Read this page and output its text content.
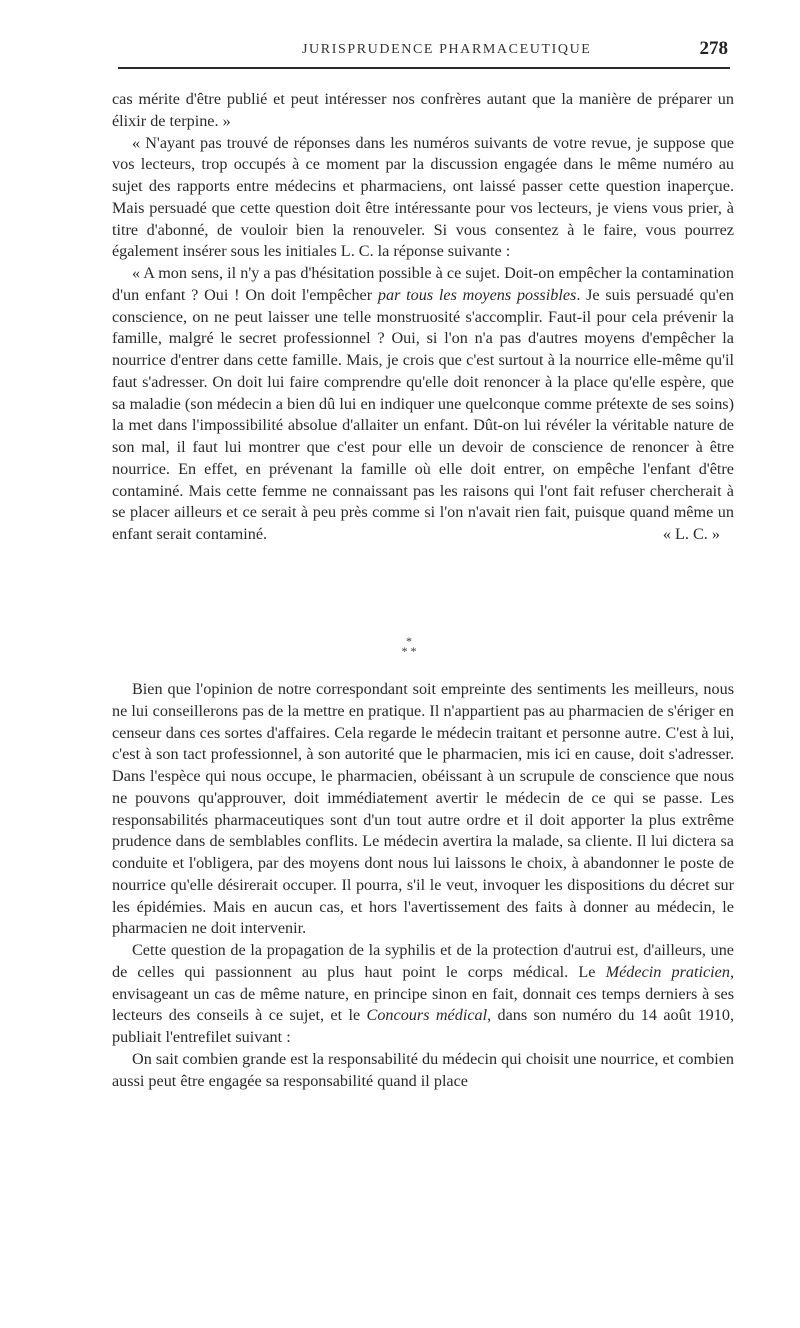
JURISPRUDENCE PHARMACEUTIQUE	278

cas mérite d'être publié et peut intéresser nos confrères autant que la manière de préparer un élixir de terpine. »

« N'ayant pas trouvé de réponses dans les numéros suivants de votre revue, je suppose que vos lecteurs, trop occupés à ce moment par la discussion engagée dans le même numéro au sujet des rapports entre médecins et pharmaciens, ont laissé passer cette question inaperçue. Mais persuadé que cette question doit être intéressante pour vos lecteurs, je viens vous prier, à titre d'abonné, de vouloir bien la renouveler. Si vous consentez à le faire, vous pourrez également insérer sous les initiales L. C. la réponse suivante :

« A mon sens, il n'y a pas d'hésitation possible à ce sujet. Doit-on empêcher la contamination d'un enfant ? Oui ! On doit l'empêcher par tous les moyens possibles. Je suis persuadé qu'en conscience, on ne peut laisser une telle monstruosité s'accomplir. Faut-il pour cela prévenir la famille, malgré le secret professionnel ? Oui, si l'on n'a pas d'autres moyens d'empêcher la nourrice d'entrer dans cette famille. Mais, je crois que c'est surtout à la nourrice elle-même qu'il faut s'adresser. On doit lui faire comprendre qu'elle doit renoncer à la place qu'elle espère, que sa maladie (son médecin a bien dû lui en indiquer une quelconque comme prétexte de ses soins) la met dans l'impossibilité absolue d'allaiter un enfant. Dût-on lui révéler la véritable nature de son mal, il faut lui montrer que c'est pour elle un devoir de conscience de renoncer à être nourrice. En effet, en prévenant la famille où elle doit entrer, on empêche l'enfant d'être contaminé. Mais cette femme ne connaissant pas les raisons qui l'ont fait refuser chercherait à se placer ailleurs et ce serait à peu près comme si l'on n'avait rien fait, puisque quand même un enfant serait contaminé.	« L. C. »

*
* *

Bien que l'opinion de notre correspondant soit empreinte des sentiments les meilleurs, nous ne lui conseillerons pas de la mettre en pratique. Il n'appartient pas au pharmacien de s'ériger en censeur dans ces sortes d'affaires. Cela regarde le médecin traitant et personne autre. C'est à lui, c'est à son tact professionnel, à son autorité que le pharmacien, mis ici en cause, doit s'adresser. Dans l'espèce qui nous occupe, le pharmacien, obéissant à un scrupule de conscience que nous ne pouvons qu'approuver, doit immédiatement avertir le médecin de ce qui se passe. Les responsabilités pharmaceutiques sont d'un tout autre ordre et il doit apporter la plus extrême prudence dans de semblables conflits. Le médecin avertira la malade, sa cliente. Il lui dictera sa conduite et l'obligera, par des moyens dont nous lui laissons le choix, à abandonner le poste de nourrice qu'elle désirerait occuper. Il pourra, s'il le veut, invoquer les dispositions du décret sur les épidémies. Mais en aucun cas, et hors l'avertissement des faits à donner au médecin, le pharmacien ne doit intervenir.

Cette question de la propagation de la syphilis et de la protection d'autrui est, d'ailleurs, une de celles qui passionnent au plus haut point le corps médical. Le Médecin praticien, envisageant un cas de même nature, en principe sinon en fait, donnait ces temps derniers à ses lecteurs des conseils à ce sujet, et le Concours médical, dans son numéro du 14 août 1910, publiait l'entrefilet suivant :

On sait combien grande est la responsabilité du médecin qui choisit une nourrice, et combien aussi peut être engagée sa responsabilité quand il place
